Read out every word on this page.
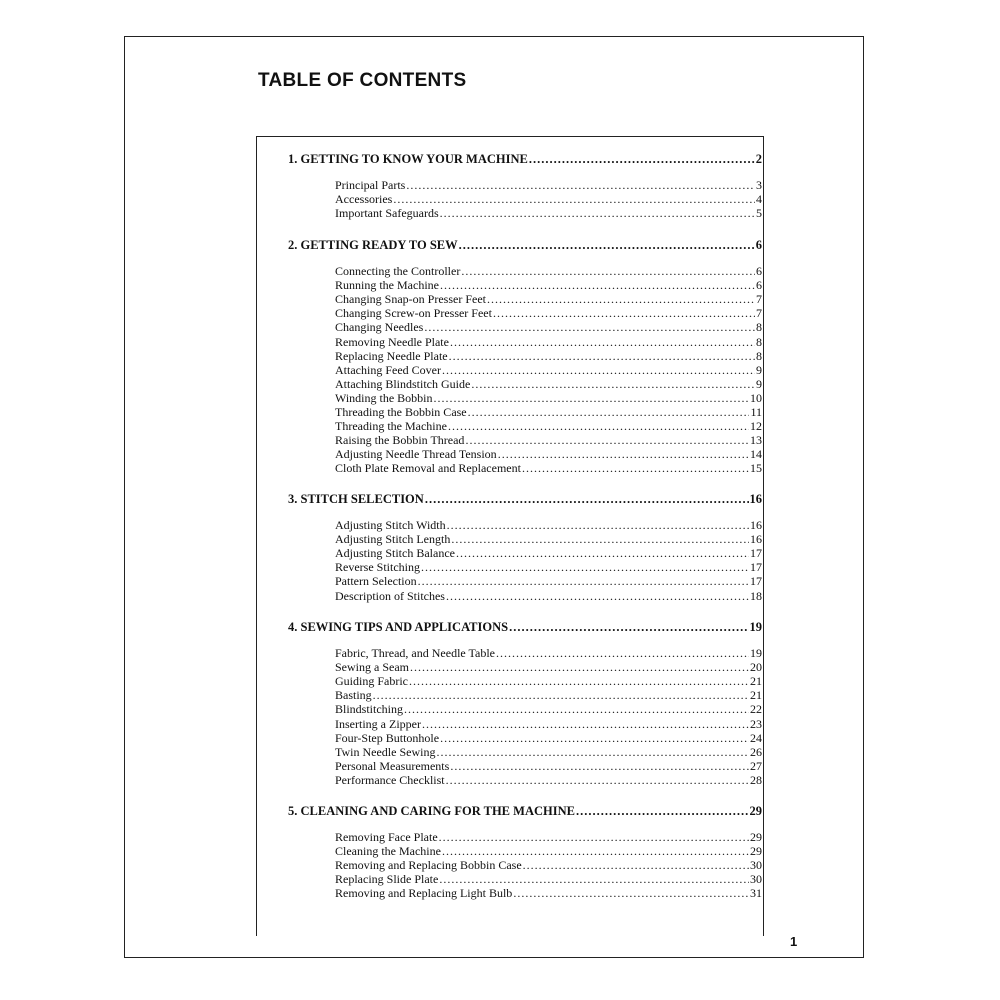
TABLE OF CONTENTS
1. GETTING TO KNOW YOUR MACHINE .....	2
Principal Parts .....	3
Accessories .....	4
Important Safeguards .....	5
2. GETTING READY TO SEW .....	6
Connecting the Controller .....	6
Running the Machine .....	6
Changing Snap-on Presser Feet .....	7
Changing Screw-on Presser Feet .....	7
Changing Needles .....	8
Removing Needle Plate .....	8
Replacing Needle Plate .....	8
Attaching Feed Cover .....	9
Attaching Blindstitch Guide .....	9
Winding the Bobbin .....	10
Threading the Bobbin Case .....	11
Threading the Machine .....	12
Raising the Bobbin Thread .....	13
Adjusting Needle Thread Tension .....	14
Cloth Plate Removal and Replacement .....	15
3. STITCH SELECTION .....	16
Adjusting Stitch Width .....	16
Adjusting Stitch Length .....	16
Adjusting Stitch Balance .....	17
Reverse Stitching .....	17
Pattern Selection .....	17
Description of Stitches .....	18
4. SEWING TIPS AND APPLICATIONS .....	19
Fabric, Thread, and Needle Table .....	19
Sewing a Seam .....	20
Guiding Fabric .....	21
Basting .....	21
Blindstitching .....	22
Inserting a Zipper .....	23
Four-Step Buttonhole .....	24
Twin Needle Sewing .....	26
Personal Measurements .....	27
Performance Checklist .....	28
5. CLEANING AND CARING FOR THE MACHINE .....	29
Removing Face Plate .....	29
Cleaning the Machine .....	29
Removing and Replacing Bobbin Case .....	30
Replacing Slide Plate .....	30
Removing and Replacing Light Bulb .....	31
1
